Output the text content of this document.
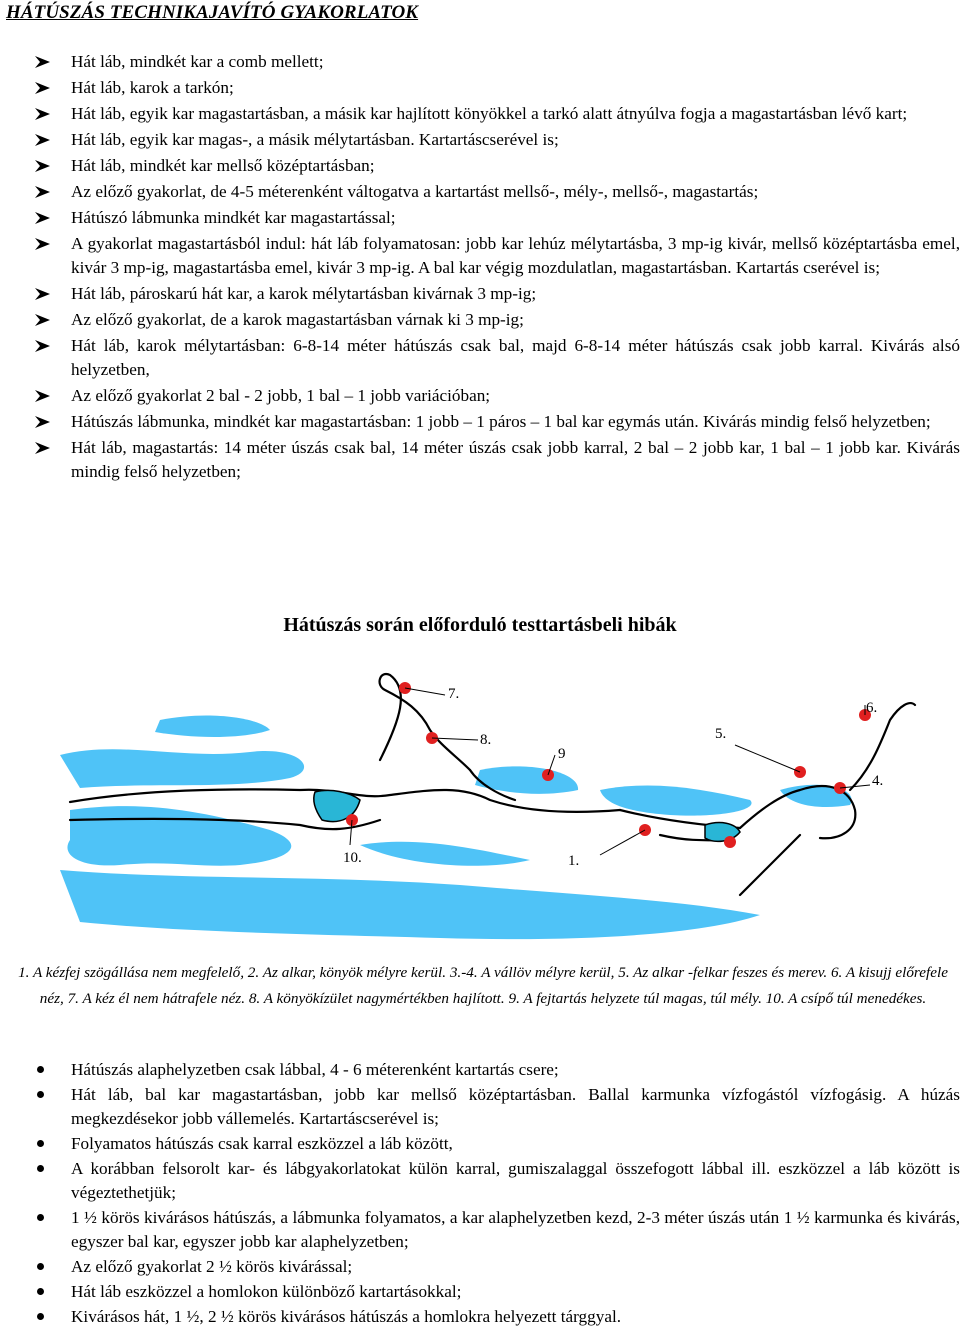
HÁTÚSZÁS TECHNIKAJAVÍTÓ GYAKORLATOK
Hát láb, mindkét kar a comb mellett;
Hát láb, karok a tarkón;
Hát láb, egyik kar magastartásban, a másik kar hajlított könyökkel a tarkó alatt átnyúlva fogja a magastartásban lévő kart;
Hát láb, egyik kar magas-, a másik mélytartásban. Kartartáscserével is;
Hát láb, mindkét kar mellső középtartásban;
Az előző gyakorlat, de 4-5 méterenként váltogatva a kartartást mellső-, mély-, mellső-, magastartás;
Hátúszó lábmunka mindkét kar magastartással;
A gyakorlat magastartásból indul: hát láb folyamatosan: jobb kar lehúz mélytartásba, 3 mp-ig kivár, mellső középtartásba emel, kivár 3 mp-ig, magastartásba emel, kivár 3 mp-ig. A bal kar végig mozdulatlan, magastartásban. Kartartás cserével is;
Hát láb, pároskarú hát kar, a karok mélytartásban kivárnak 3 mp-ig;
Az előző gyakorlat, de a karok magastartásban várnak ki 3 mp-ig;
Hát láb, karok mélytartásban: 6-8-14 méter hátúszás csak bal, majd 6-8-14 méter hátúszás csak jobb karral. Kivárás alsó helyzetben,
Az előző gyakorlat 2 bal - 2 jobb, 1 bal – 1 jobb variációban;
Hátúszás lábmunka, mindkét kar magastartásban: 1 jobb – 1 páros – 1 bal kar egymás után. Kivárás mindig felső helyzetben;
Hát láb, magastartás: 14 méter úszás csak bal, 14 méter úszás csak jobb karral, 2 bal – 2 jobb kar, 1 bal – 1 jobb kar. Kivárás mindig felső helyzetben;
Hátúszás során előforduló testtartásbeli hibák
1.
4.
5.
6.
7.
8.
9
10.
1. A kézfej szögállása nem megfelelő, 2. Az alkar, könyök mélyre kerül. 3.-4. A vállöv mélyre kerül, 5. Az alkar -felkar feszes és merev. 6. A kisujj előrefele néz, 7. A kéz él nem hátrafele néz. 8. A könyökízület nagymértékben hajlított. 9. A fejtartás helyzete túl magas, túl mély. 10. A csípő túl menedékes.
Hátúszás alaphelyzetben csak lábbal, 4 - 6 méterenként kartartás csere;
Hát láb, bal kar magastartásban, jobb kar mellső középtartásban. Ballal karmunka vízfogástól vízfogásig. A húzás megkezdésekor jobb vállemelés. Kartartáscserével is;
Folyamatos hátúszás csak karral eszközzel a láb között,
A korábban felsorolt kar- és lábgyakorlatokat külön karral, gumiszalaggal összefogott lábbal ill. eszközzel a láb között is végeztethetjük;
1 ½ körös kivárásos hátúszás, a lábmunka folyamatos, a kar alaphelyzetben kezd, 2-3 méter úszás után 1 ½ karmunka és kivárás, egyszer bal kar, egyszer jobb kar alaphelyzetben;
Az előző gyakorlat 2 ½ körös kivárással;
Hát láb eszközzel a homlokon különböző kartartásokkal;
Kivárásos hát, 1 ½, 2 ½ körös kivárásos hátúszás a homlokra helyezett tárggyal.
